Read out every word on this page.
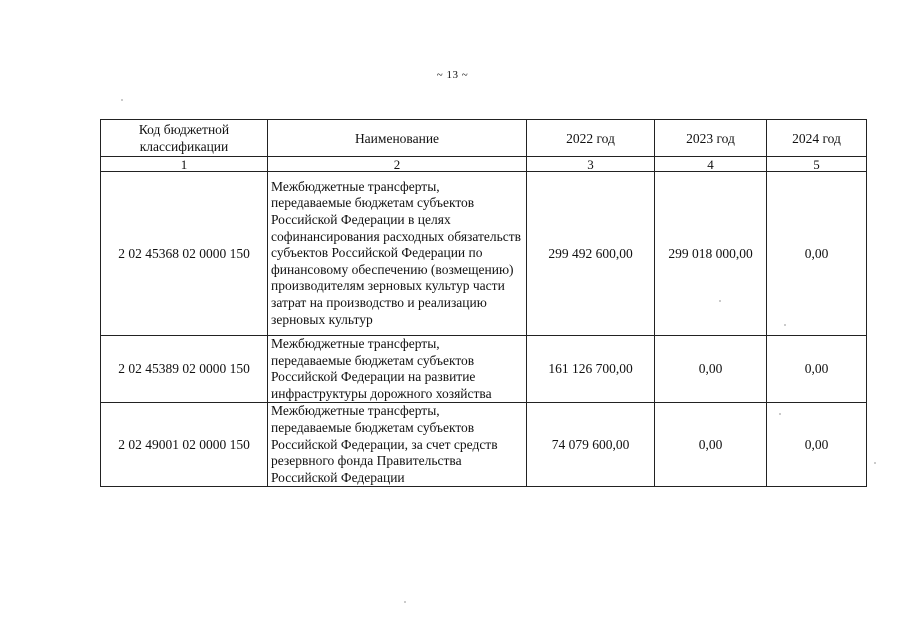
~ 13 ~
Код бюджетной классификации	Наименование	2022 год	2023 год	2024 год
1	2	3	4	5
2 02 45368 02 0000 150	Межбюджетные трансферты, передаваемые бюджетам субъектов Российской Федерации в целях софинансирования расходных обязательств субъектов Российской Федерации по финансовому обеспечению (возмещению) производителям зерновых культур части затрат на производство и реализацию зерновых культур	299 492 600,00	299 018 000,00	0,00
2 02 45389 02 0000 150	Межбюджетные трансферты, передаваемые бюджетам субъектов Российской Федерации на развитие инфраструктуры дорожного хозяйства	161 126 700,00	0,00	0,00
2 02 49001 02 0000 150	Межбюджетные трансферты, передаваемые бюджетам субъектов Российской Федерации, за счет средств резервного фонда Правительства Российской Федерации	74 079 600,00	0,00	0,00
